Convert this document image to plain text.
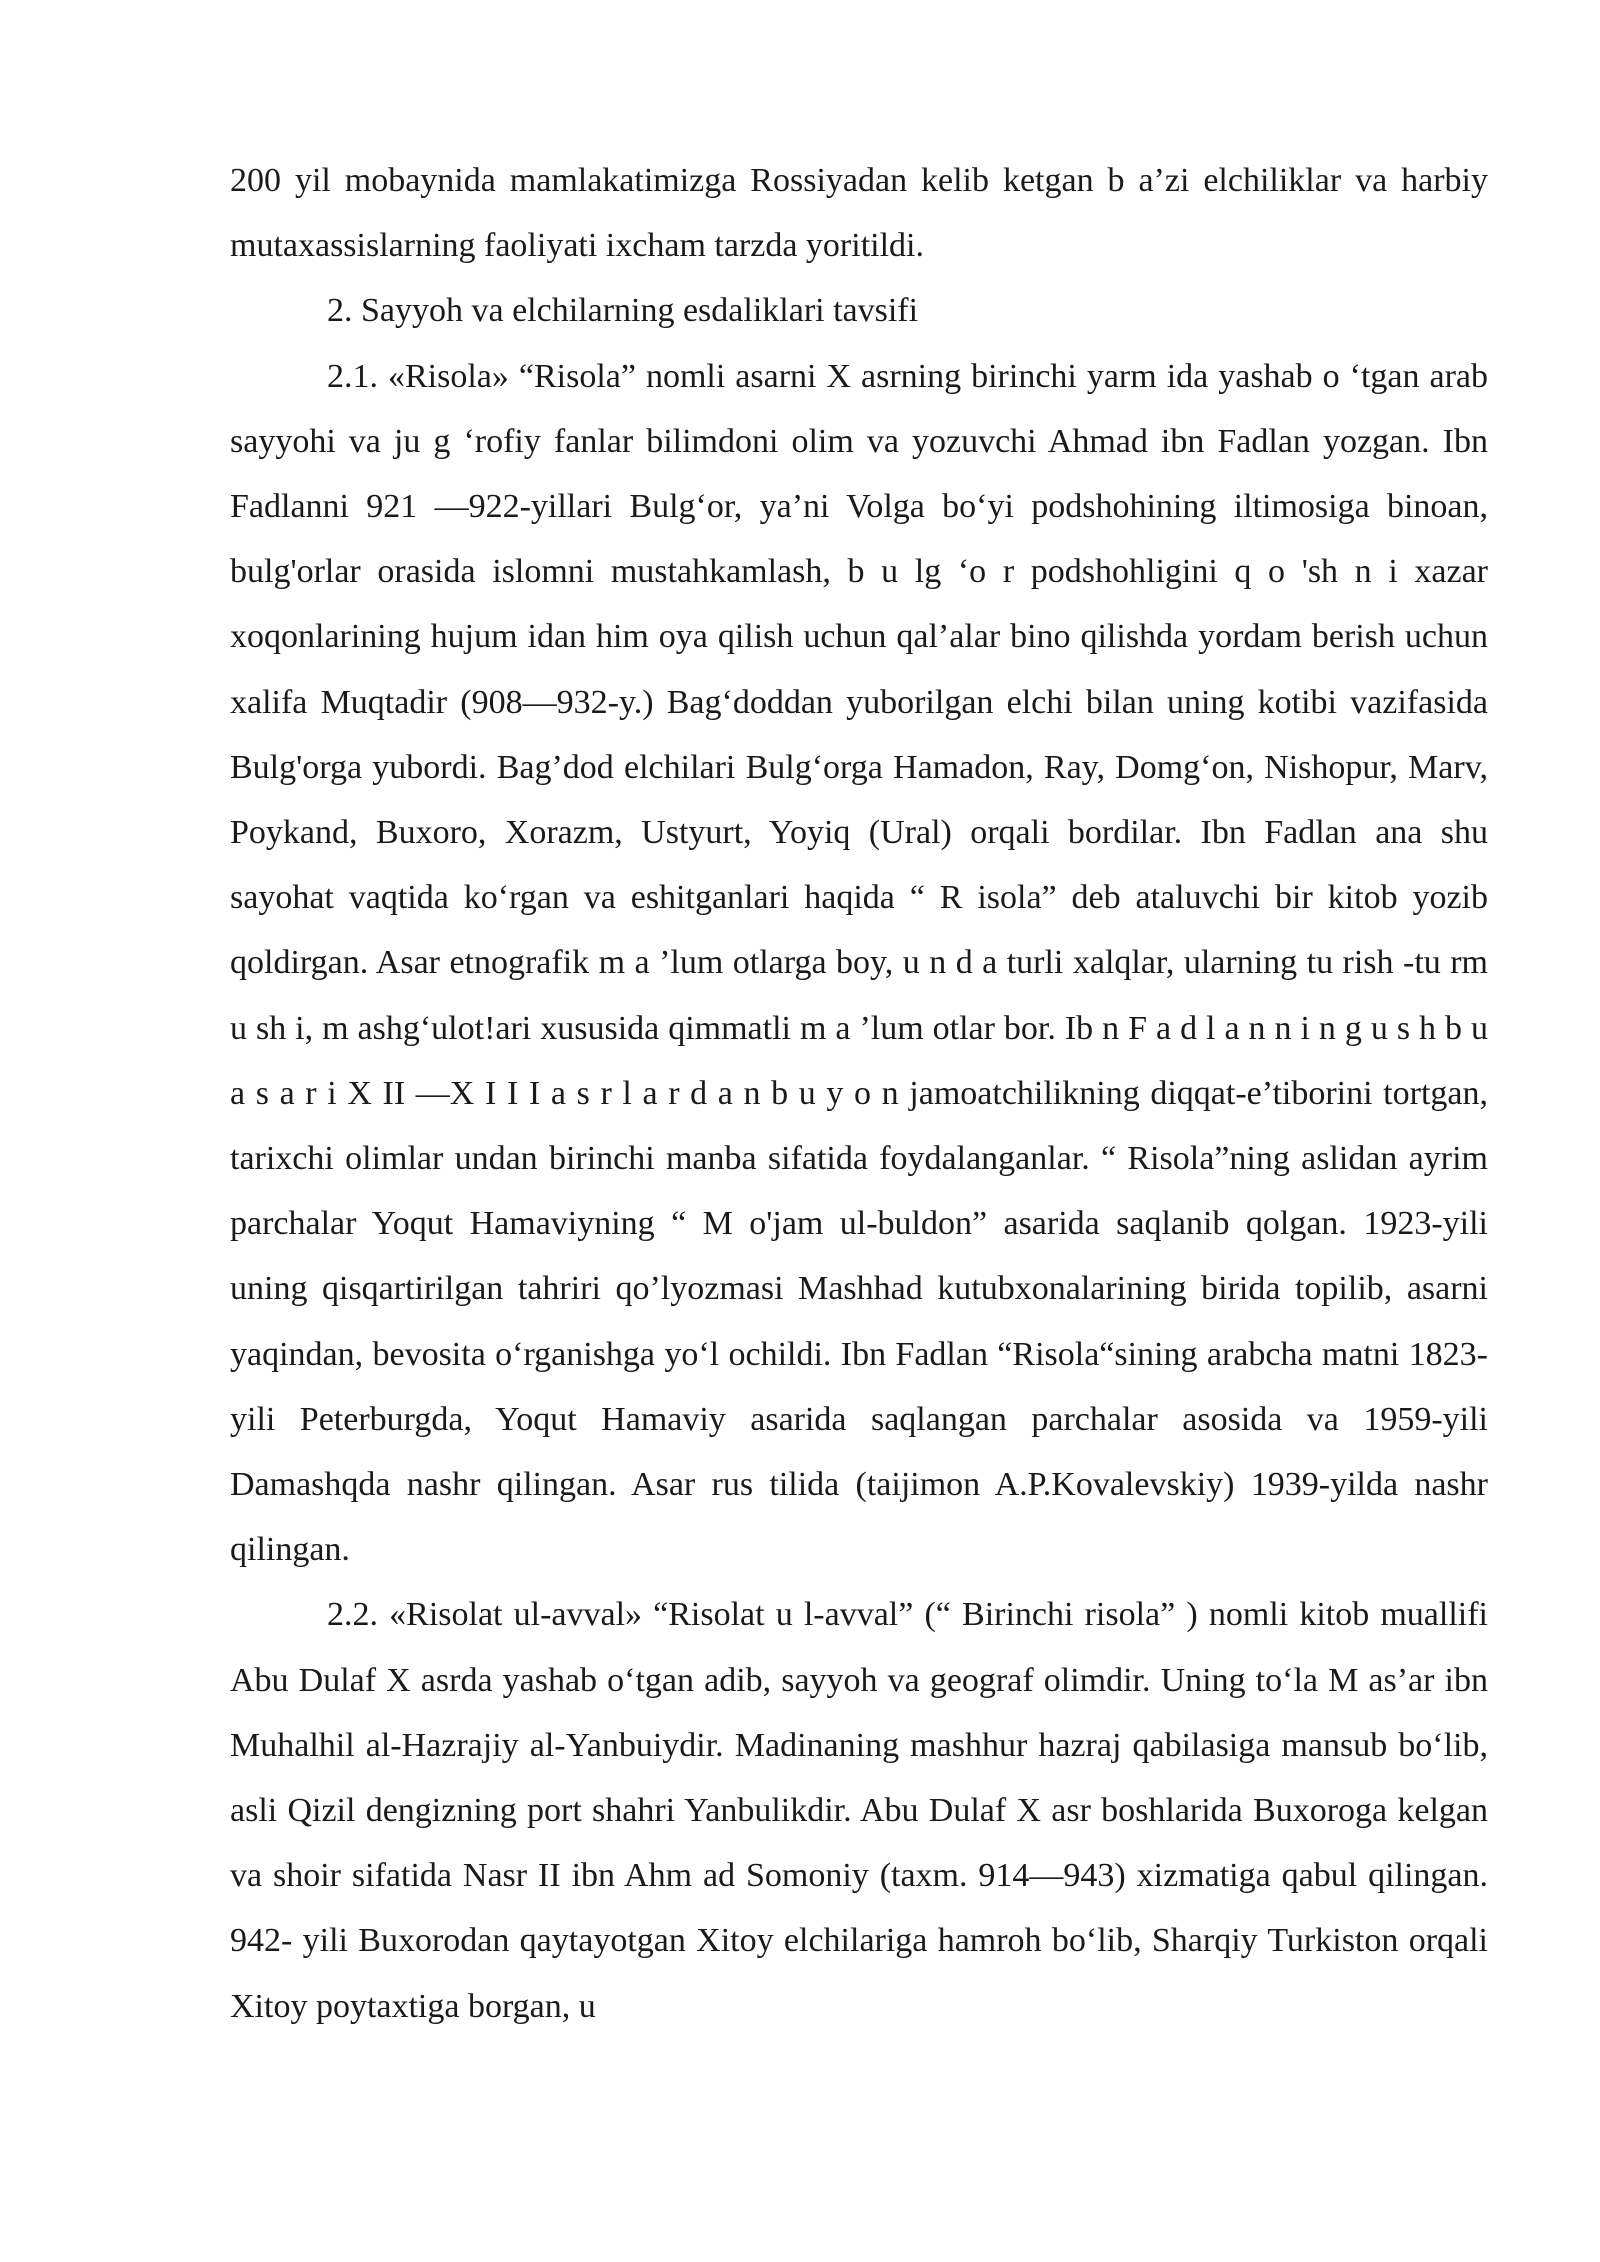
200 yil mobaynida mamlakatimizga Rossiyadan kelib ketgan b a’zi elchiliklar va harbiy mutaxassislarning faoliyati ixcham tarzda yoritildi.

2. Sayyoh va elchilarning esdaliklari tavsifi

2.1. «Risola» “Risola” nomli asarni X asrning birinchi yarm ida yashab o ‘tgan arab sayyohi va ju g ‘rofiy fanlar bilimdoni olim va yozuvchi Ahmad ibn Fadlan yozgan. Ibn Fadlanni 921 —922-yillari Bulg‘or, ya’ni Volga bo‘yi podshohining iltimosiga binoan, bulg'orlar orasida islomni mustahkamlash, b u lg ‘o r podshohligini q o 'sh n i xazar xoqonlarining hujum idan him oya qilish uchun qal’alar bino qilishda yordam berish uchun xalifa Muqtadir (908—932-y.) Bag‘doddan yuborilgan elchi bilan uning kotibi vazifasida Bulg'orga yubordi. Bag’dod elchilari Bulg‘orga Hamadon, Ray, Domg‘on, Nishopur, Marv, Poykand, Buxoro, Xorazm, Ustyurt, Yoyiq (Ural) orqali bordilar. Ibn Fadlan ana shu sayohat vaqtida ko‘rgan va eshitganlari haqida “ R isola” deb ataluvchi bir kitob yozib qoldirgan. Asar etnografik m a ’lum otlarga boy, u n d a turli xalqlar, ularning tu rish -tu rm u sh i, m ashg‘ulot!ari xususida qimmatli m a ’lum otlar bor. Ib n F a d l a n n i n g u s h b u a s a r i X II —X I I I a s r l a r d a n b u y o n jamoatchilikning diqqat-e’tiborini tortgan, tarixchi olimlar undan birinchi manba sifatida foydalanganlar. “ Risola”ning aslidan ayrim parchalar Yoqut Hamaviyning “ M o'jam ul-buldon” asarida saqlanib qolgan. 1923-yili uning qisqartirilgan tahriri qo’lyozmasi Mashhad kutubxonalarining birida topilib, asarni yaqindan, bevosita o‘rganishga yo‘l ochildi. Ibn Fadlan “Risola“sining arabcha matni 1823-yili Peterburgda, Yoqut Hamaviy asarida saqlangan parchalar asosida va 1959-yili Damashqda nashr qilingan. Asar rus tilida (taijimon A.P.Kovalevskiy) 1939-yilda nashr qilingan.

2.2. «Risolat ul-avval» “Risolat u l-avval” (“ Birinchi risola” ) nomli kitob muallifi Abu Dulaf X asrda yashab o‘tgan adib, sayyoh va geograf olimdir. Uning to‘la M as’ar ibn Muhalhil al-Hazrajiy al-Yanbuiydir. Madinaning mashhur hazraj qabilasiga mansub bo‘lib, asli Qizil dengizning port shahri Yanbulikdir. Abu Dulaf X asr boshlarida Buxoroga kelgan va shoir sifatida Nasr II ibn Ahm ad Somoniy (taxm. 914—943) xizmatiga qabul qilingan. 942- yili Buxorodan qaytayotgan Xitoy elchilariga hamroh bo‘lib, Sharqiy Turkiston orqali Xitoy poytaxtiga borgan, u
